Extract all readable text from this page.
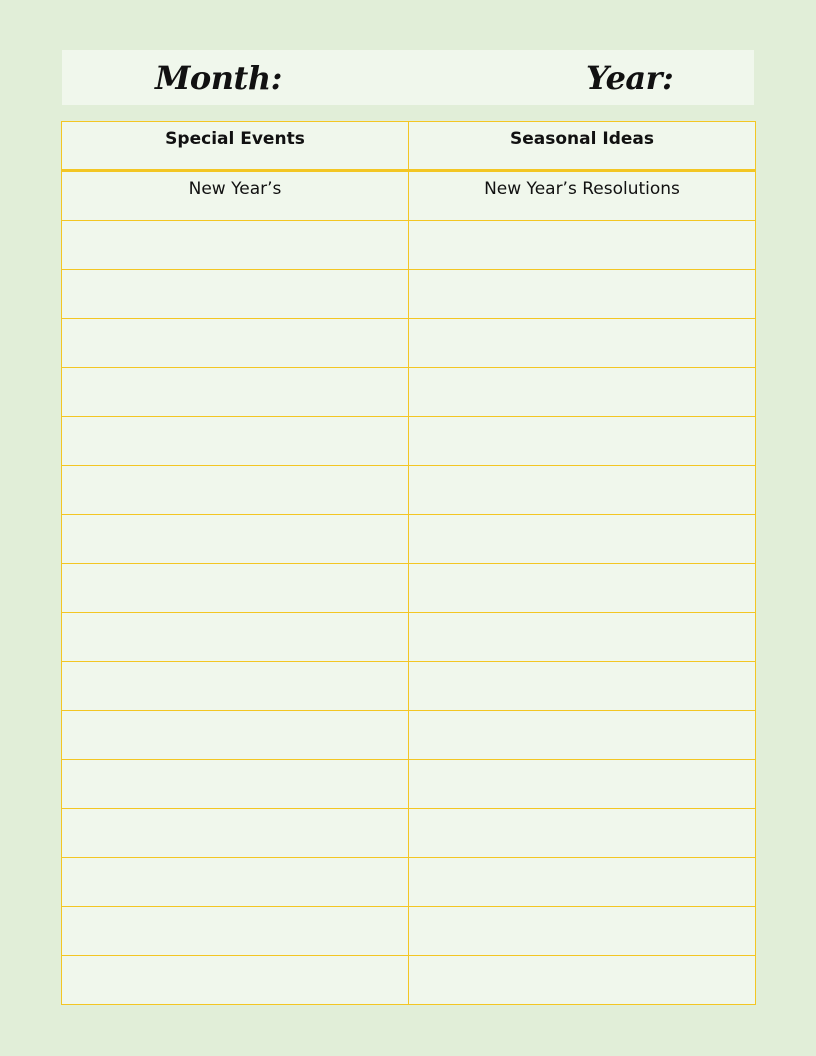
Month:	Year:
Special Events	Seasonal Ideas
New Year’s	New Year’s Resolutions
